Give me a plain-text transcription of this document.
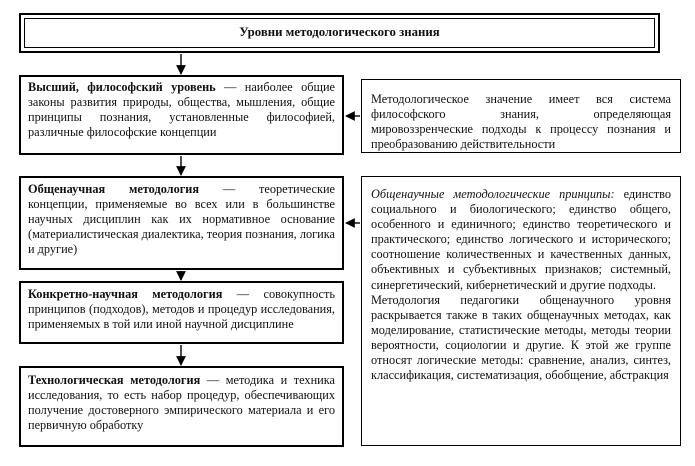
Уровни методологического знания
Высший, философский уровень — наиболее общие законы развития природы, общества, мышления, общие принципы познания, установленные философией, различные философские концепции
Общенаучная методология — теоретические концепции, применяемые во всех или в большинстве научных дисциплин как их нормативное основание (материалистическая диалектика, теория познания, логика и другие)
Конкретно-научная методология — совокупность принципов (подходов), методов и процедур исследования, применяемых в той или иной научной дисциплине
Технологическая методология — методика и техника исследования, то есть набор процедур, обеспечивающих получение достоверного эмпирического материала и его первичную обработку
Методологическое значение имеет вся система философского знания, определяющая мировоззренческие подходы к процессу познания и преобразованию действительности

Общенаучные методологические принципы: единство социального и биологического; единство общего, особенного и единичного; единство теоретического и практического; единство логического и исторического; соотношение количественных и качественных данных, объективных и субъективных признаков; системный, синергетический, кибернетический и другие подходы.

Методология педагогики общенаучного уровня раскрывается также в таких общенаучных методах, как моделирование, статистические методы, методы теории вероятности, социологии и другие. К этой же группе относят логические методы: сравнение, анализ, синтез, классификация, систематизация, обобщение, абстракция
